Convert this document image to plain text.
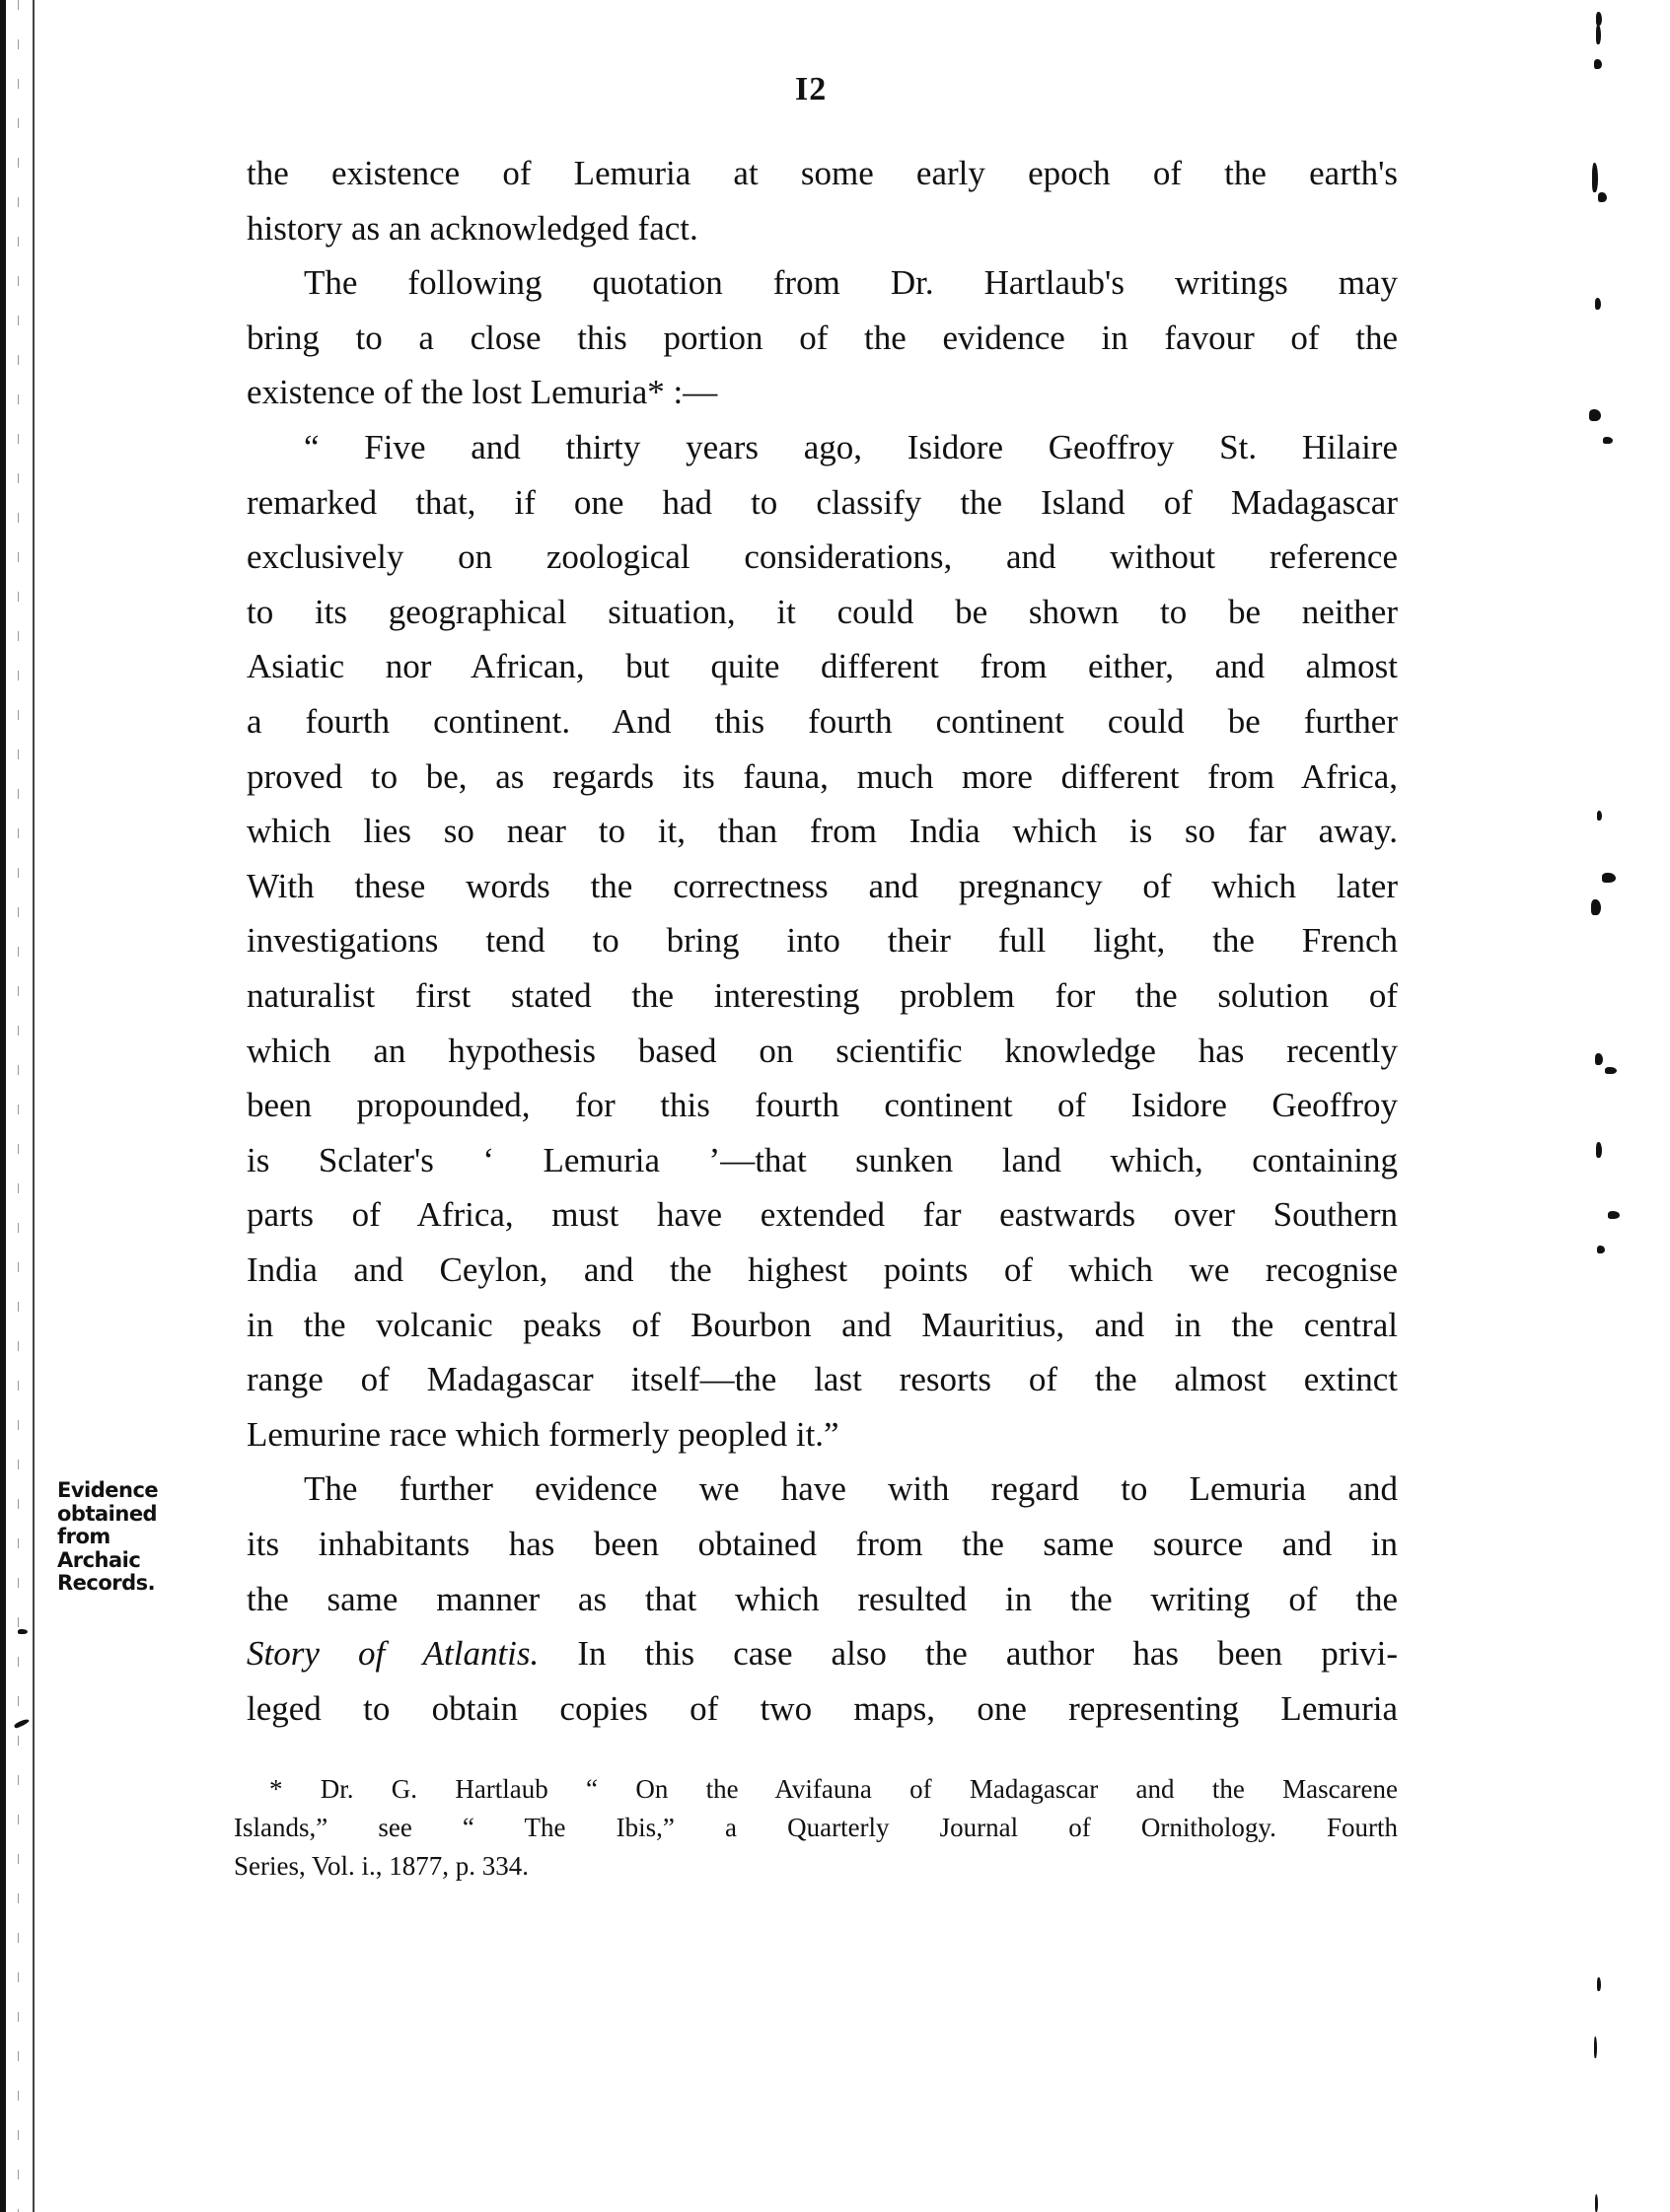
I2
the existence of Lemuria at some early epoch of the earth's
history as an acknowledged fact.
The following quotation from Dr. Hartlaub's writings may
bring to a close this portion of the evidence in favour of the
existence of the lost Lemuria* :—
“ Five and thirty years ago, Isidore Geoffroy St. Hilaire
remarked that, if one had to classify the Island of Madagascar
exclusively on zoological considerations, and without reference
to its geographical situation, it could be shown to be neither
Asiatic nor African, but quite different from either, and almost
a fourth continent. And this fourth continent could be further
proved to be, as regards its fauna, much more different from Africa,
which lies so near to it, than from India which is so far away.
With these words the correctness and pregnancy of which later
investigations tend to bring into their full light, the French
naturalist first stated the interesting problem for the solution of
which an hypothesis based on scientific knowledge has recently
been propounded, for this fourth continent of Isidore Geoffroy
is Sclater's ‘ Lemuria ’—that sunken land which, containing
parts of Africa, must have extended far eastwards over Southern
India and Ceylon, and the highest points of which we recognise
in the volcanic peaks of Bourbon and Mauritius, and in the central
range of Madagascar itself—the last resorts of the almost extinct
Lemurine race which formerly peopled it.”
The further evidence we have with regard to Lemuria and
its inhabitants has been obtained from the same source and in
the same manner as that which resulted in the writing of the
Story of Atlantis. In this case also the author has been privi-
leged to obtain copies of two maps, one representing Lemuria
Evidence
obtained
from
Archaic
Records.
* Dr. G. Hartlaub “ On the Avifauna of Madagascar and the Mascarene
Islands,” see “ The Ibis,” a Quarterly Journal of Ornithology. Fourth
Series, Vol. i., 1877, p. 334.
